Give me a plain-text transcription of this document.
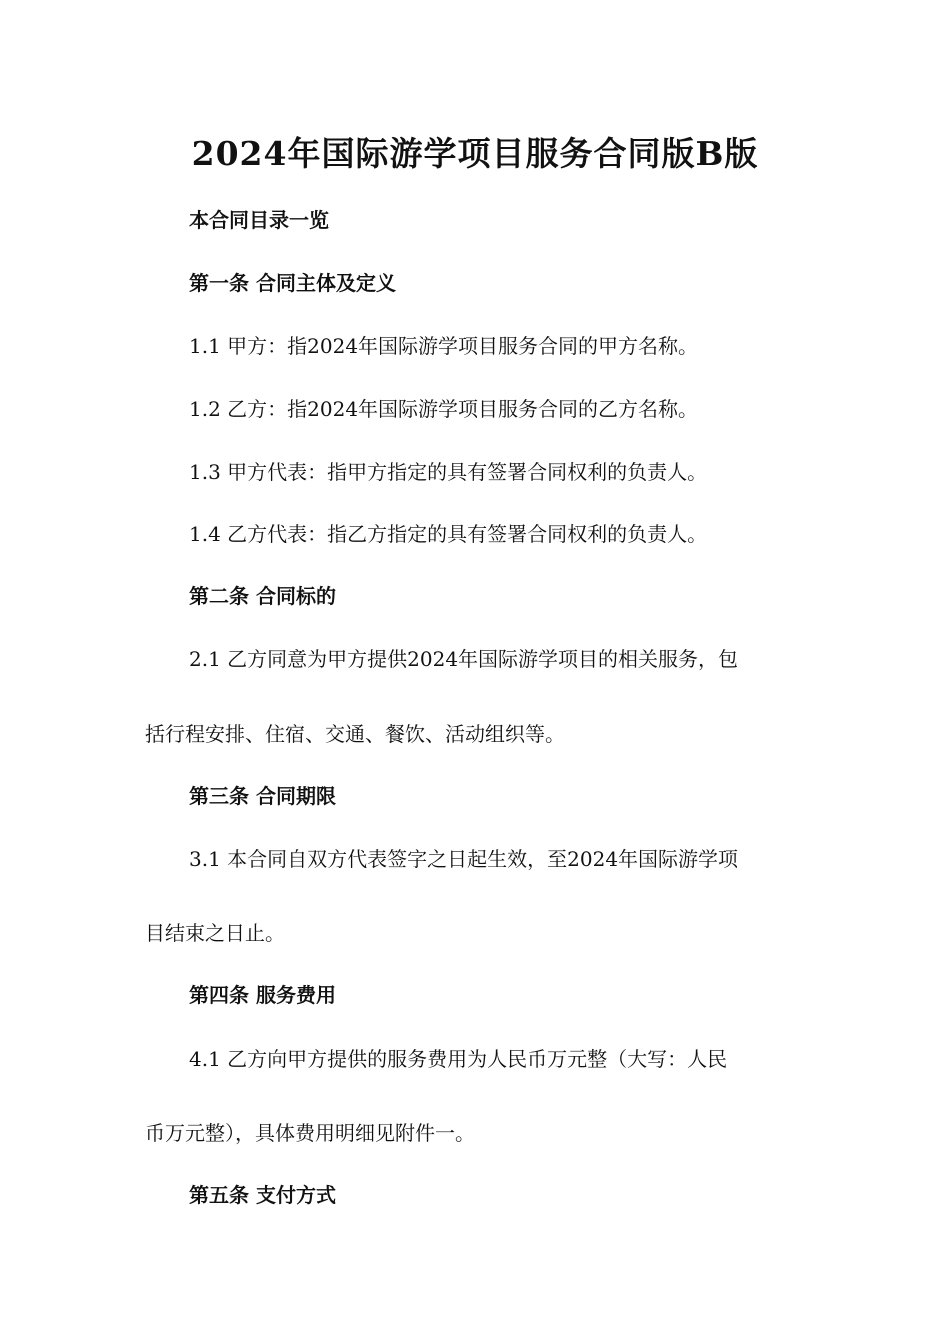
2024年国际游学项目服务合同版B版
本合同目录一览
第一条 合同主体及定义
1.1 甲方：指2024年国际游学项目服务合同的甲方名称。
1.2 乙方：指2024年国际游学项目服务合同的乙方名称。
1.3 甲方代表：指甲方指定的具有签署合同权利的负责人。
1.4 乙方代表：指乙方指定的具有签署合同权利的负责人。
第二条 合同标的
2.1 乙方同意为甲方提供2024年国际游学项目的相关服务，包
括行程安排、住宿、交通、餐饮、活动组织等。
第三条 合同期限
3.1 本合同自双方代表签字之日起生效，至2024年国际游学项
目结束之日止。
第四条 服务费用
4.1 乙方向甲方提供的服务费用为人民币万元整（大写：人民
币万元整），具体费用明细见附件一。
第五条 支付方式
